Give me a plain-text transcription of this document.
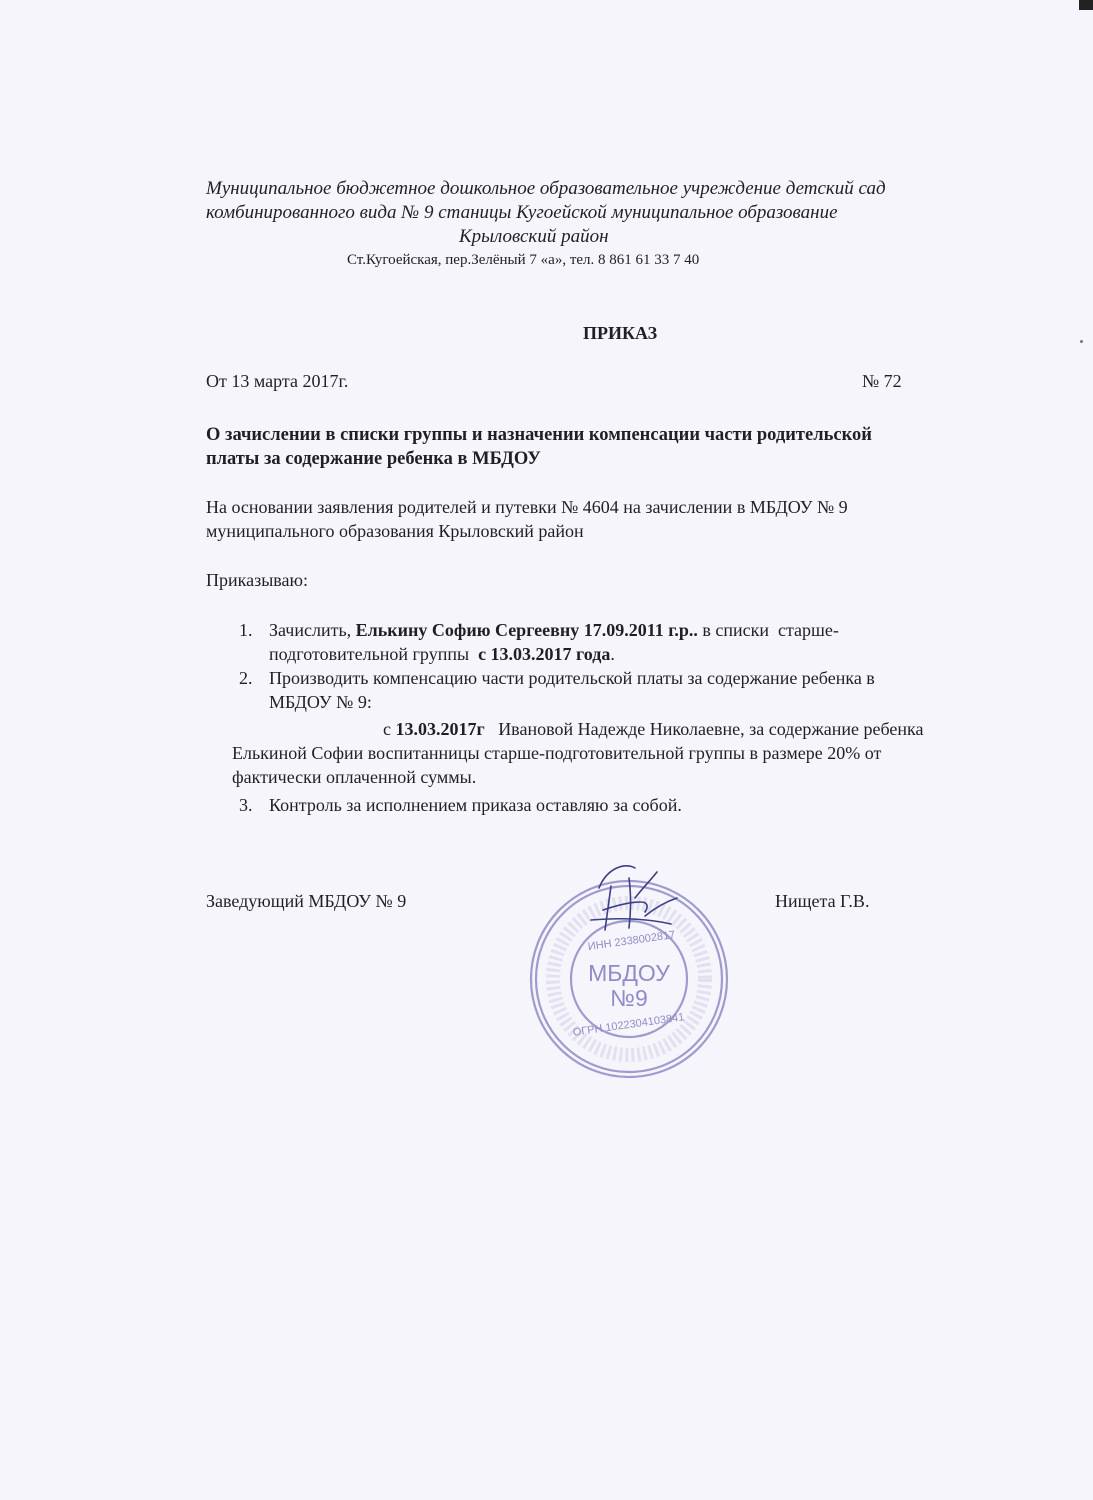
Муниципальное бюджетное дошкольное образовательное учреждение детский сад
комбинированного вида № 9 станицы Кугоейской муниципальное образование
Крыловский район
Ст.Кугоейская, пер.Зелёный 7 «а», тел. 8 861 61 33 7 40
ПРИКАЗ
От 13 марта 2017г.	№ 72
О зачислении в списки группы и назначении компенсации части родительской
платы за содержание ребенка в МБДОУ
На основании заявления родителей и путевки № 4604 на зачислении в МБДОУ № 9
муниципального образования Крыловский район
Приказываю:
1. Зачислить, Елькину Софию Сергеевну 17.09.2011 г.р.. в списки  старше-
подготовительной группы  с 13.03.2017 года.
2. Производить компенсацию части родительской платы за содержание ребенка в
МБДОУ № 9:
с 13.03.2017г   Ивановой Надежде Николаевне, за содержание ребенка
Елькиной Софии воспитанницы старше-подготовительной группы в размере 20% от
фактически оплаченной суммы.
3. Контроль за исполнением приказа оставляю за собой.
Заведующий МБДОУ № 9	Нищета Г.В.
МБДОУ
№9
ИНН 2338002817
ОГРН 1022304103841
